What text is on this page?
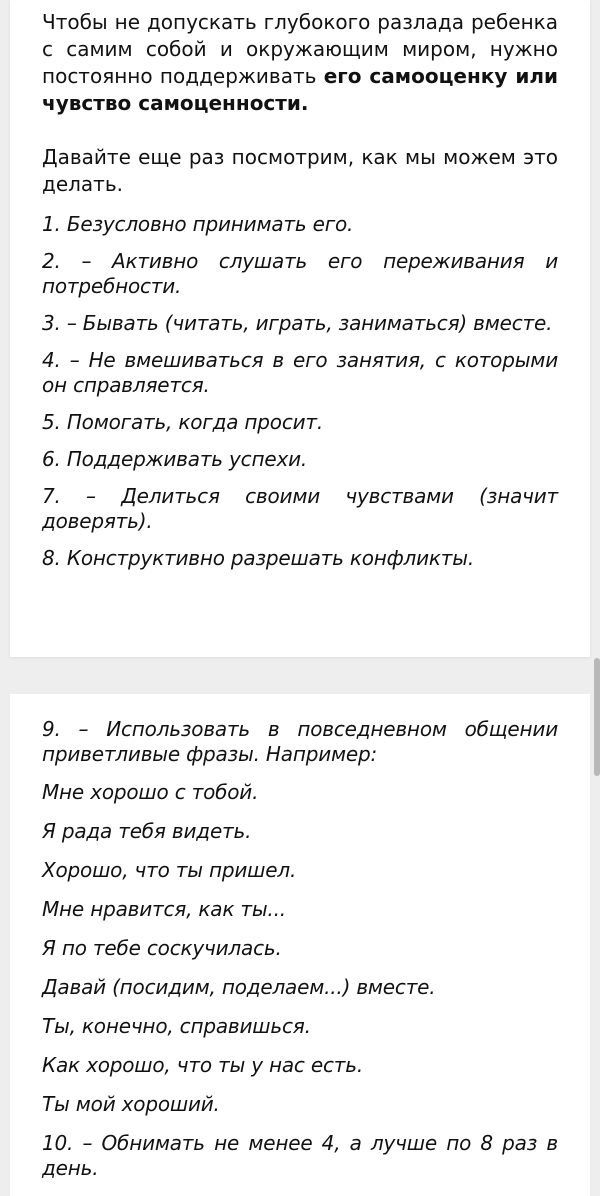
Чтобы не допускать глубокого разлада ребенка с самим собой и окружающим миром, нужно постоянно поддерживать его самооценку или чувство самоценности.

Давайте еще раз посмотрим, как мы можем это делать.

1. Безусловно принимать его.

2. – Активно слушать его переживания и потребности.

3. – Бывать (читать, играть, заниматься) вместе.

4. – Не вмешиваться в его занятия, с которыми он справляется.

5. Помогать, когда просит.

6. Поддерживать успехи.

7. – Делиться своими чувствами (значит доверять).

8. Конструктивно разрешать конфликты.

9. – Использовать в повседневном общении приветливые фразы. Например:

Мне хорошо с тобой.

Я рада тебя видеть.

Хорошо, что ты пришел.

Мне нравится, как ты...

Я по тебе соскучилась.

Давай (посидим, поделаем...) вместе.

Ты, конечно, справишься.

Как хорошо, что ты у нас есть.

Ты мой хороший.

10. – Обнимать не менее 4, а лучше по 8 раз в день.
